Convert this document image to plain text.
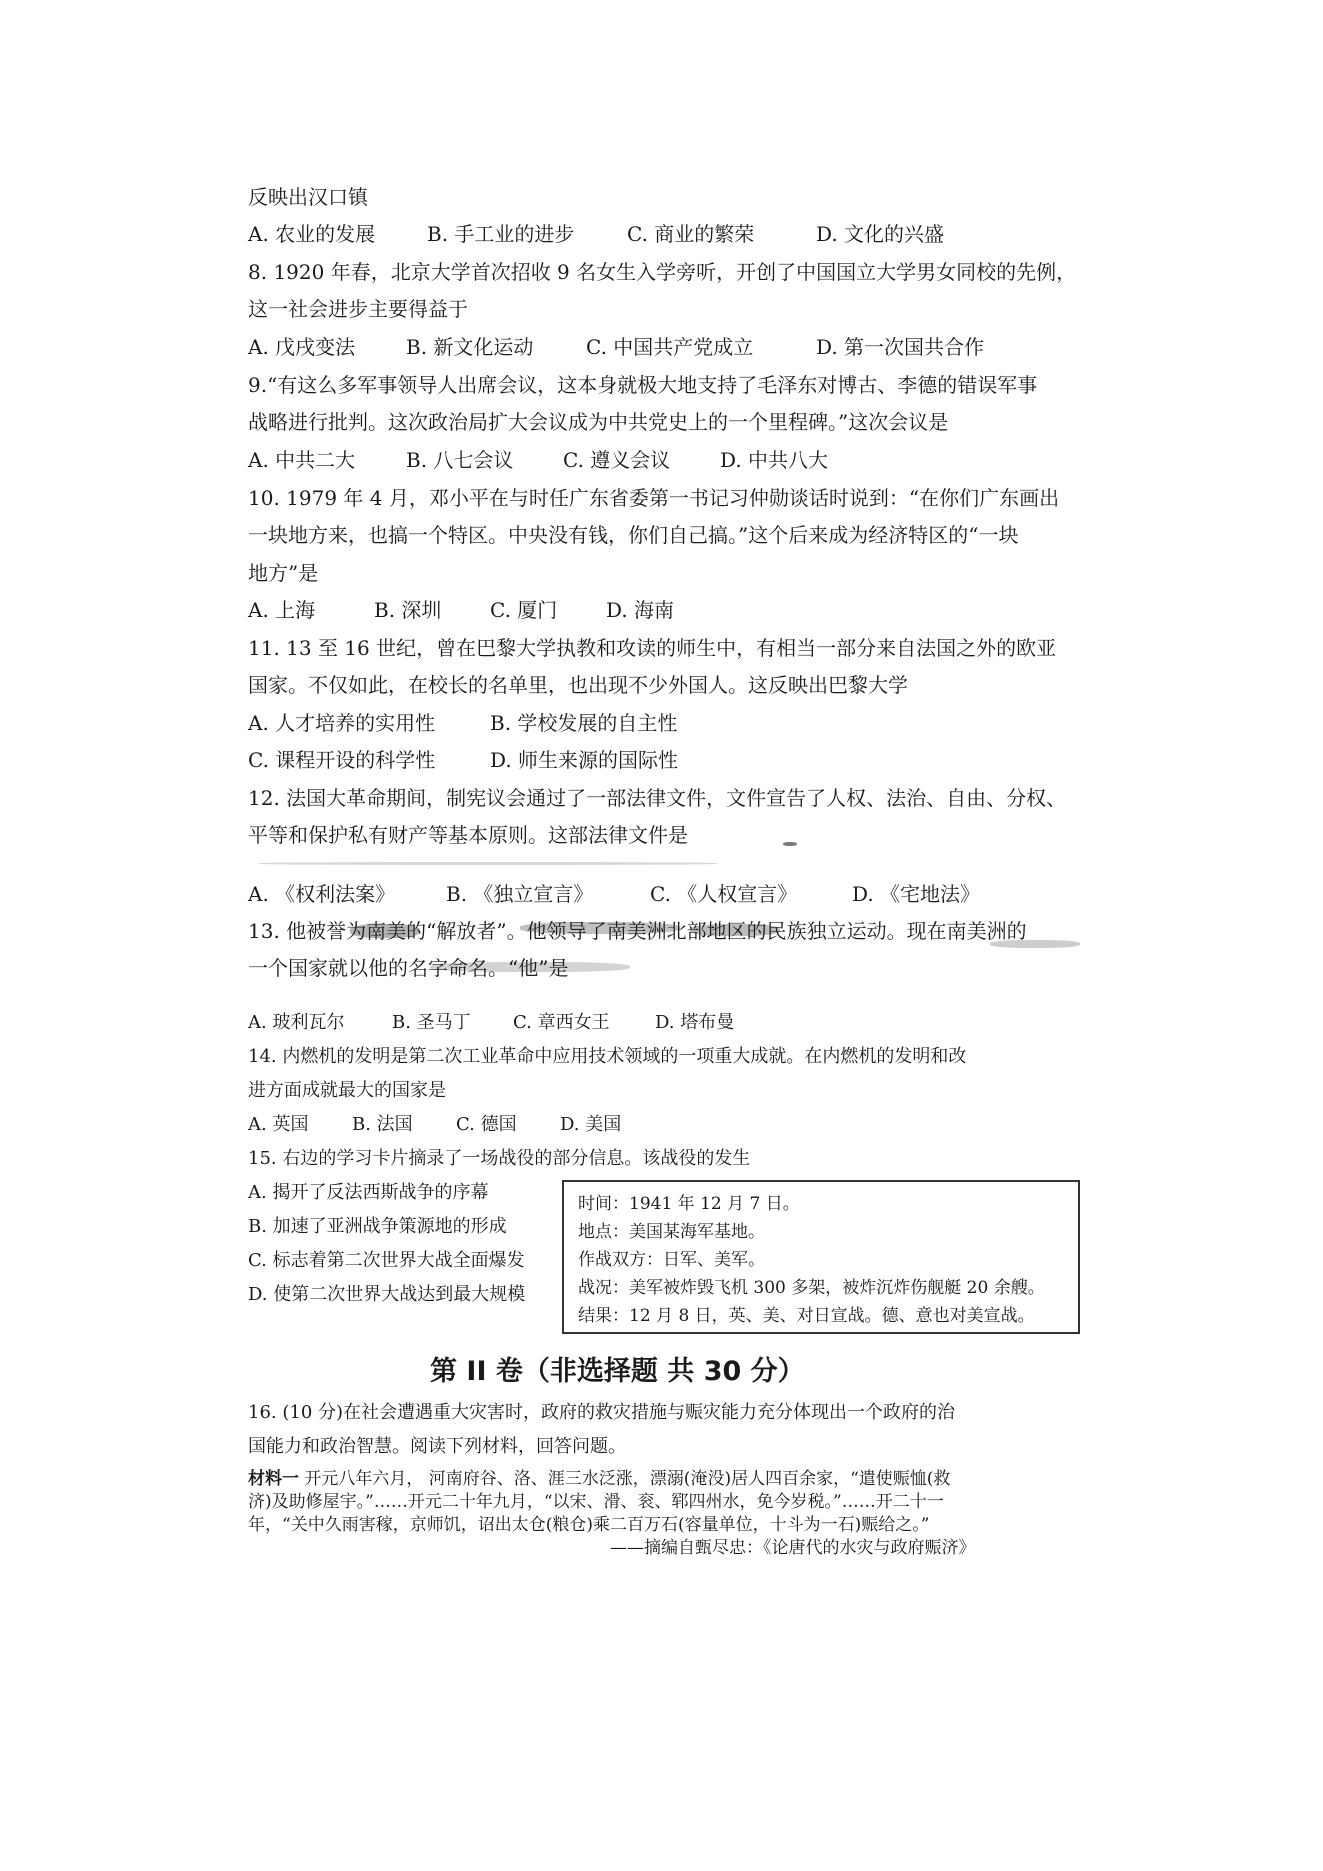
反映出汉口镇
A. 农业的发展	B. 手工业的进步	C. 商业的繁荣	D. 文化的兴盛
8. 1920 年春，北京大学首次招收 9 名女生入学旁听，开创了中国国立大学男女同校的先例，
这一社会进步主要得益于
A. 戊戌变法	B. 新文化运动	C. 中国共产党成立	D. 第一次国共合作
9.“有这么多军事领导人出席会议，这本身就极大地支持了毛泽东对博古、李德的错误军事
战略进行批判。这次政治局扩大会议成为中共党史上的一个里程碑。”这次会议是
A. 中共二大	B. 八七会议 C. 遵义会议 D. 中共八大
10. 1979 年 4 月，邓小平在与时任广东省委第一书记习仲勋谈话时说到：“在你们广东画出
一块地方来，也搞一个特区。中央没有钱，你们自己搞。”这个后来成为经济特区的“一块
地方”是
A. 上海	B. 深圳 C. 厦门 D. 海南
11. 13 至 16 世纪，曾在巴黎大学执教和攻读的师生中，有相当一部分来自法国之外的欧亚
国家。不仅如此，在校长的名单里，也出现不少外国人。这反映出巴黎大学
A. 人才培养的实用性	B. 学校发展的自主性
C. 课程开设的科学性	D. 师生来源的国际性
12. 法国大革命期间，制宪议会通过了一部法律文件，文件宣告了人权、法治、自由、分权、
平等和保护私有财产等基本原则。这部法律文件是
A. 《权利法案》	B. 《独立宣言》	C. 《人权宣言》	D. 《宅地法》
13. 他被誉为南美的“解放者”。他领导了南美洲北部地区的民族独立运动。现在南美洲的
一个国家就以他的名字命名。“他”是
A. 玻利瓦尔	B. 圣马丁 C. 章西女王	D. 塔布曼
14. 内燃机的发明是第二次工业革命中应用技术领域的一项重大成就。在内燃机的发明和改
进方面成就最大的国家是
A. 英国 B. 法国 C. 德国 D. 美国
15. 右边的学习卡片摘录了一场战役的部分信息。该战役的发生
A. 揭开了反法西斯战争的序幕
B. 加速了亚洲战争策源地的形成
C. 标志着第二次世界大战全面爆发
D. 使第二次世界大战达到最大规模
时间：1941 年 12 月 7 日。
地点：美国某海军基地。
作战双方：日军、美军。
战况：美军被炸毁飞机 300 多架，被炸沉炸伤舰艇 20 余艘。
结果：12 月 8 日，英、美、对日宣战。德、意也对美宣战。
第 II 卷（非选择题 共 30 分）
16. (10 分)在社会遭遇重大灾害时，政府的救灾措施与赈灾能力充分体现出一个政府的治
国能力和政治智慧。阅读下列材料，回答问题。
材料一 开元八年六月， 河南府谷、洛、涯三水泛涨，漂溺(淹没)居人四百余家，“遣使赈恤(救
济)及助修屋宇。”……开元二十年九月，“以宋、滑、衮、郓四州水，免今岁税。”……开二十一
年，“关中久雨害稼，京师饥，诏出太仓(粮仓)乘二百万石(容量单位，十斗为一石)赈给之。”
——摘编自甄尽忠：《论唐代的水灾与政府赈济》
